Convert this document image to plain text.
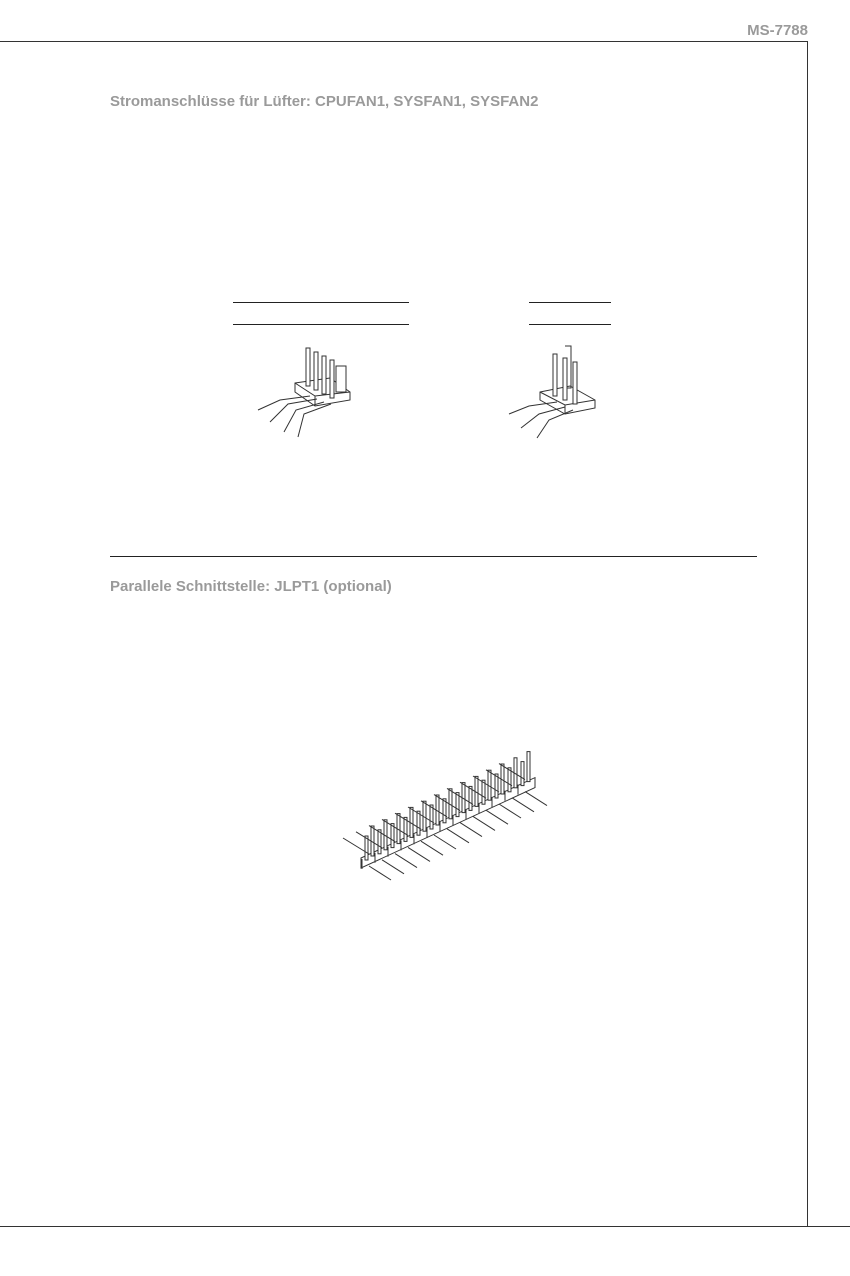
MS-7788
Stromanschlüsse für Lüfter: CPUFAN1, SYSFAN1, SYSFAN2
Parallele Schnittstelle: JLPT1 (optional)
